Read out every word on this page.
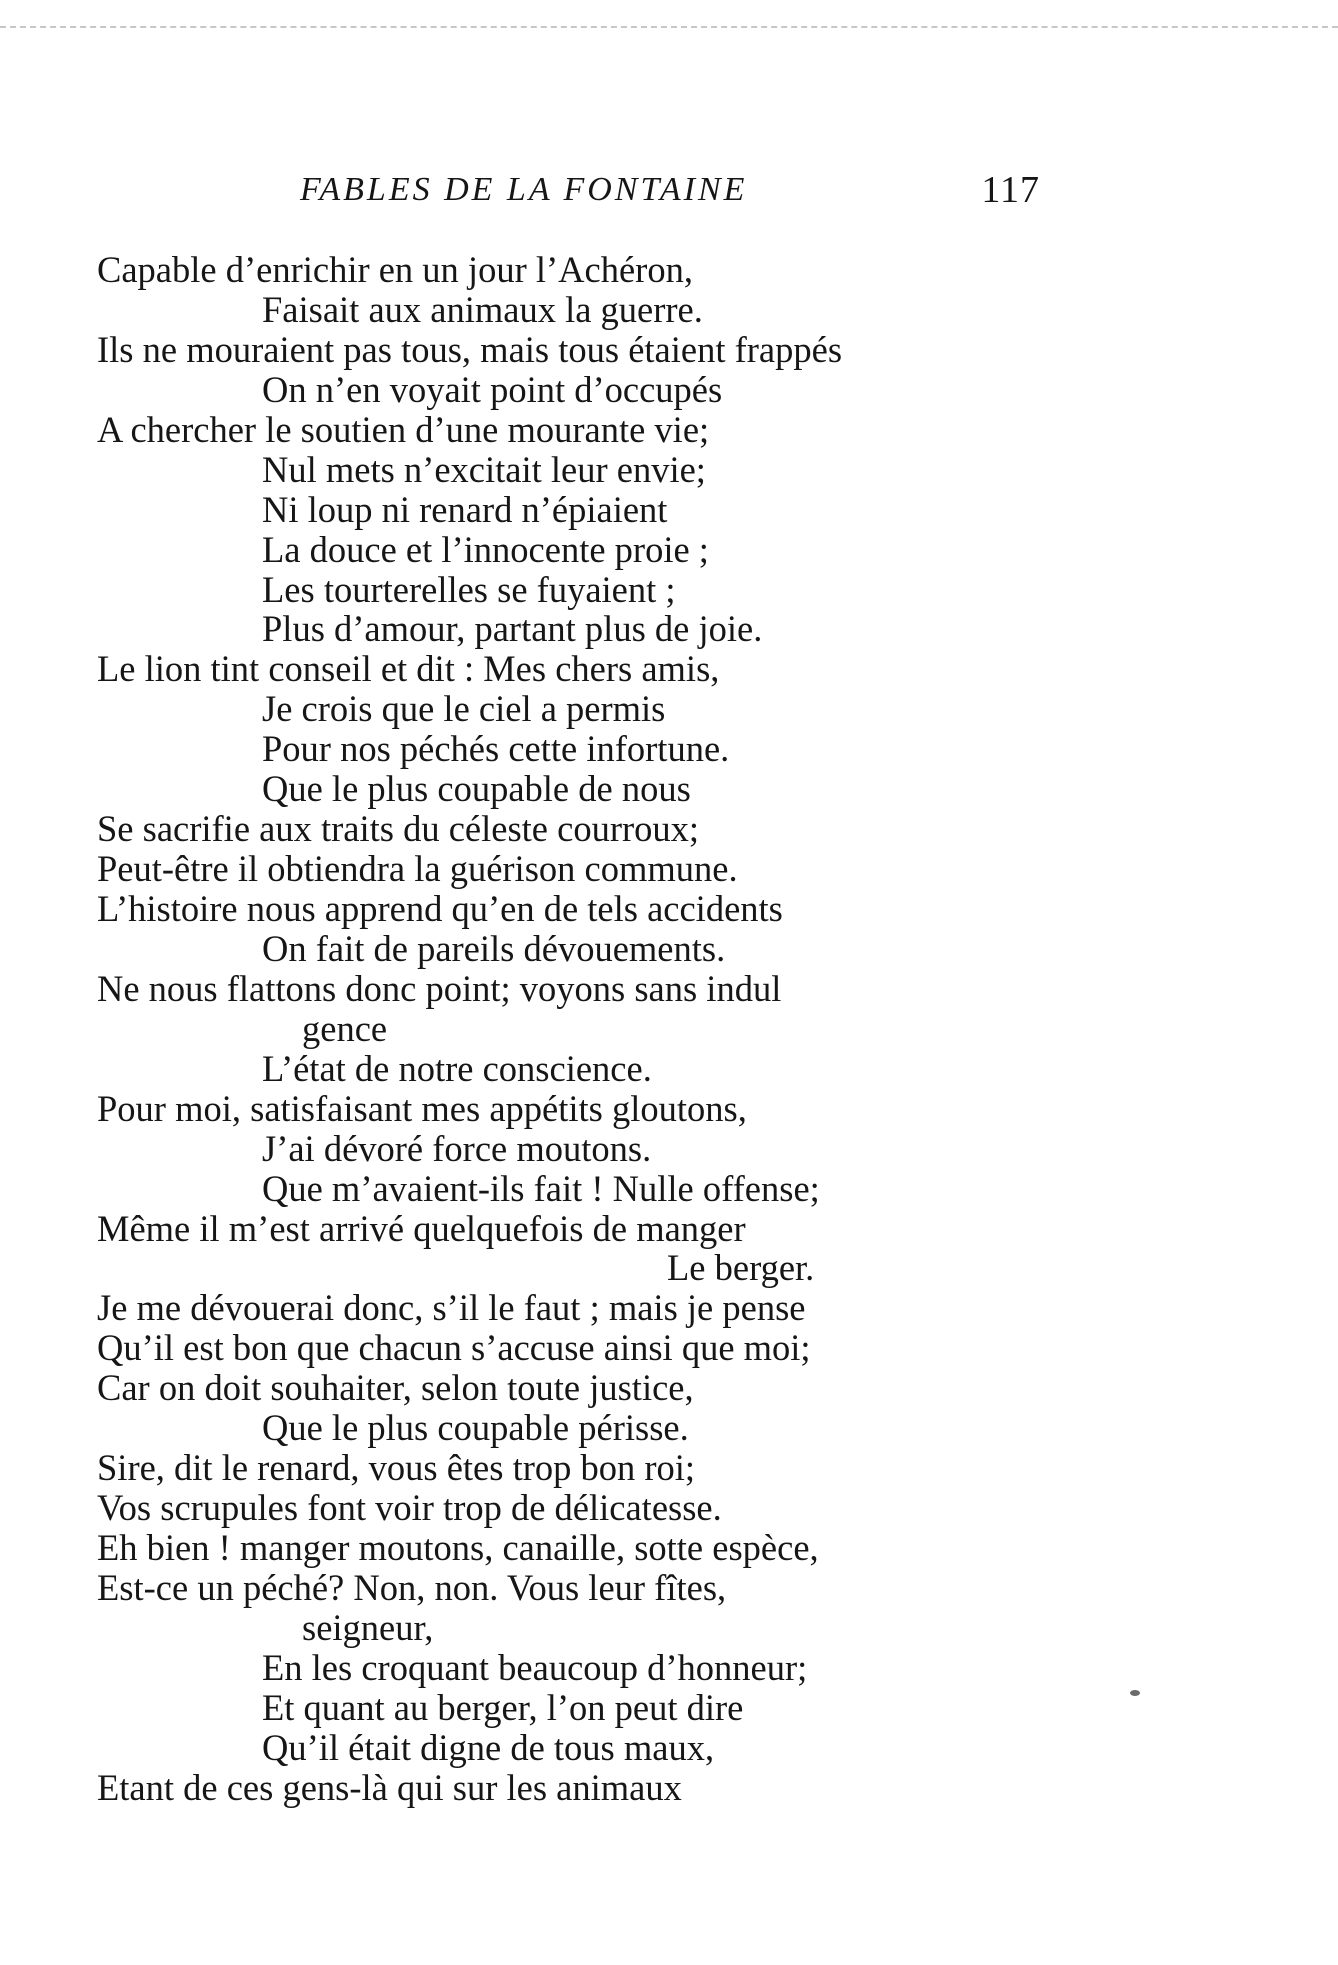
FABLES DE LA FONTAINE	117
Capable d’enrichir en un jour l’Achéron,
Faisait aux animaux la guerre.
Ils ne mouraient pas tous, mais tous étaient frappés
On n’en voyait point d’occupés
A chercher le soutien d’une mourante vie;
Nul mets n’excitait leur envie;
Ni loup ni renard n’épiaient
La douce et l’innocente proie ;
Les tourterelles se fuyaient ;
Plus d’amour, partant plus de joie.
Le lion tint conseil et dit : Mes chers amis,
Je crois que le ciel a permis
Pour nos péchés cette infortune.
Que le plus coupable de nous
Se sacrifie aux traits du céleste courroux;
Peut-être il obtiendra la guérison commune.
L’histoire nous apprend qu’en de tels accidents
On fait de pareils dévouements.
Ne nous flattons donc point; voyons sans indul
gence
L’état de notre conscience.
Pour moi, satisfaisant mes appétits gloutons,
J’ai dévoré force moutons.
Que m’avaient-ils fait ! Nulle offense;
Même il m’est arrivé quelquefois de manger
Le berger.
Je me dévouerai donc, s’il le faut ; mais je pense
Qu’il est bon que chacun s’accuse ainsi que moi;
Car on doit souhaiter, selon toute justice,
Que le plus coupable périsse.
Sire, dit le renard, vous êtes trop bon roi;
Vos scrupules font voir trop de délicatesse.
Eh bien ! manger moutons, canaille, sotte espèce,
Est-ce un péché? Non, non. Vous leur fîtes,
seigneur,
En les croquant beaucoup d’honneur;
Et quant au berger, l’on peut dire
Qu’il était digne de tous maux,
Etant de ces gens-là qui sur les animaux
